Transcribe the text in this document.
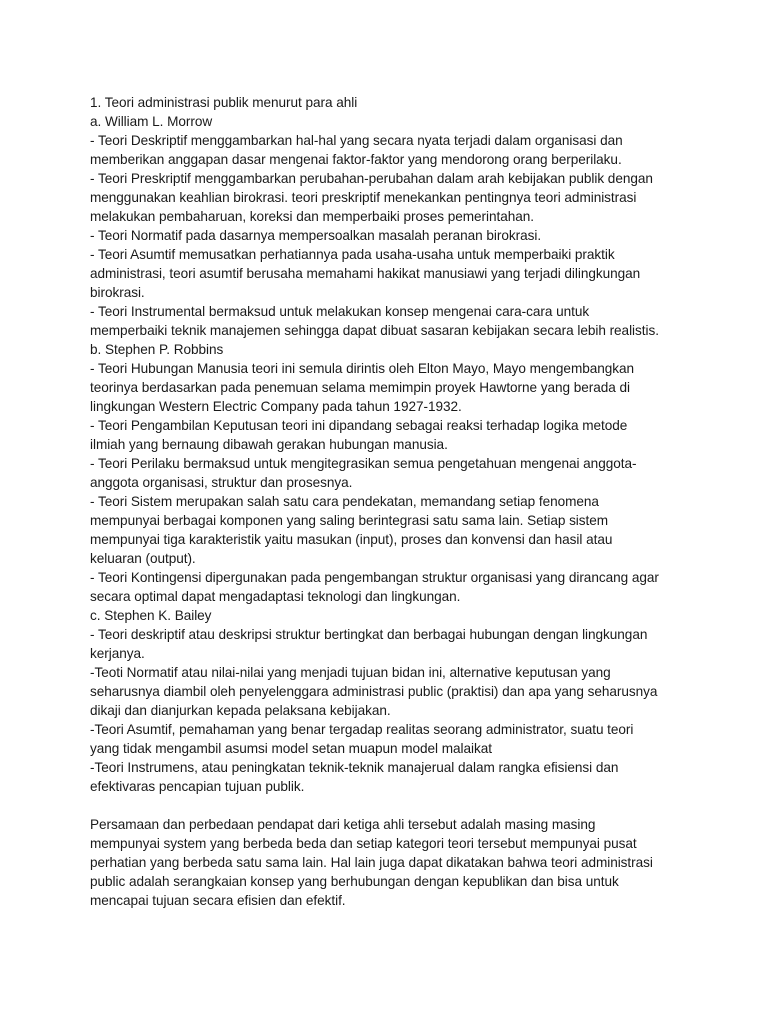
1. Teori administrasi publik menurut para ahli
a. William L. Morrow
- Teori Deskriptif menggambarkan hal-hal yang secara nyata terjadi dalam organisasi dan
memberikan anggapan dasar mengenai faktor-faktor yang mendorong orang berperilaku.
- Teori Preskriptif menggambarkan perubahan-perubahan dalam arah kebijakan publik dengan
menggunakan keahlian birokrasi. teori preskriptif menekankan pentingnya teori administrasi
melakukan pembaharuan, koreksi dan memperbaiki proses pemerintahan.
- Teori Normatif pada dasarnya mempersoalkan masalah peranan birokrasi.
- Teori Asumtif memusatkan perhatiannya pada usaha-usaha untuk memperbaiki praktik
administrasi, teori asumtif berusaha memahami hakikat manusiawi yang terjadi dilingkungan
birokrasi.
- Teori Instrumental bermaksud untuk melakukan konsep mengenai cara-cara untuk
memperbaiki teknik manajemen sehingga dapat dibuat sasaran kebijakan secara lebih realistis.
b. Stephen P. Robbins
- Teori Hubungan Manusia teori ini semula dirintis oleh Elton Mayo, Mayo mengembangkan
teorinya berdasarkan pada penemuan selama memimpin proyek Hawtorne yang berada di
lingkungan Western Electric Company pada tahun 1927-1932.
- Teori Pengambilan Keputusan teori ini dipandang sebagai reaksi terhadap logika metode
ilmiah yang bernaung dibawah gerakan hubungan manusia.
- Teori Perilaku bermaksud untuk mengitegrasikan semua pengetahuan mengenai anggota-
anggota organisasi, struktur dan prosesnya.
- Teori Sistem merupakan salah satu cara pendekatan, memandang setiap fenomena
mempunyai berbagai komponen yang saling berintegrasi satu sama lain. Setiap sistem
mempunyai tiga karakteristik yaitu masukan (input), proses dan konvensi dan hasil atau
keluaran (output).
- Teori Kontingensi dipergunakan pada pengembangan struktur organisasi yang dirancang agar
secara optimal dapat mengadaptasi teknologi dan lingkungan.
c. Stephen K. Bailey
- Teori deskriptif atau deskripsi struktur bertingkat dan berbagai hubungan dengan lingkungan
kerjanya.
-Teoti Normatif atau nilai-nilai yang menjadi tujuan bidan ini, alternative keputusan yang
seharusnya diambil oleh penyelenggara administrasi public (praktisi) dan apa yang seharusnya
dikaji dan dianjurkan kepada pelaksana kebijakan.
-Teori Asumtif, pemahaman yang benar tergadap realitas seorang administrator, suatu teori
yang tidak mengambil asumsi model setan muapun model malaikat
-Teori Instrumens, atau peningkatan teknik-teknik manajerual dalam rangka efisiensi dan
efektivaras pencapian tujuan publik.
Persamaan dan perbedaan pendapat dari ketiga ahli tersebut adalah masing masing
mempunyai system yang berbeda beda dan setiap kategori teori tersebut mempunyai pusat
perhatian yang berbeda satu sama lain. Hal lain juga dapat dikatakan bahwa teori administrasi
public adalah serangkaian konsep yang berhubungan dengan kepublikan dan bisa untuk
mencapai tujuan secara efisien dan efektif.
